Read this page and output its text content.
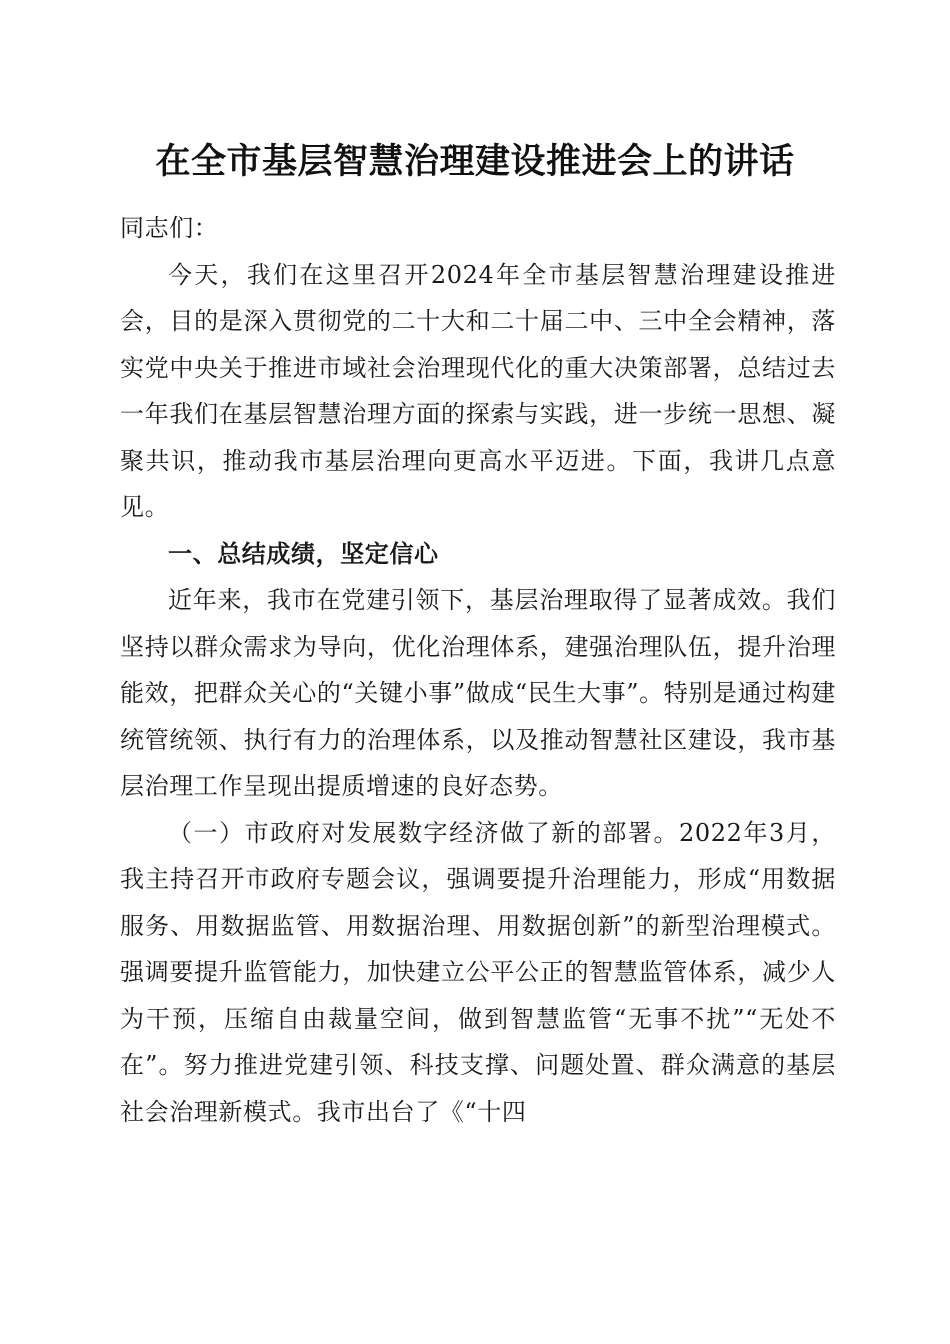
在全市基层智慧治理建设推进会上的讲话

同志们：

今天，我们在这里召开2024年全市基层智慧治理建设推进会，目的是深入贯彻党的二十大和二十届二中、三中全会精神，落实党中央关于推进市域社会治理现代化的重大决策部署，总结过去一年我们在基层智慧治理方面的探索与实践，进一步统一思想、凝聚共识，推动我市基层治理向更高水平迈进。下面，我讲几点意见。

一、总结成绩，坚定信心

近年来，我市在党建引领下，基层治理取得了显著成效。我们坚持以群众需求为导向，优化治理体系，建强治理队伍，提升治理能效，把群众关心的“关键小事”做成“民生大事”。特别是通过构建统管统领、执行有力的治理体系，以及推动智慧社区建设，我市基层治理工作呈现出提质增速的良好态势。

（一）市政府对发展数字经济做了新的部署。2022年3月，我主持召开市政府专题会议，强调要提升治理能力，形成“用数据服务、用数据监管、用数据治理、用数据创新”的新型治理模式。强调要提升监管能力，加快建立公平公正的智慧监管体系，减少人为干预，压缩自由裁量空间，做到智慧监管“无事不扰”“无处不在”。努力推进党建引领、科技支撑、问题处置、群众满意的基层社会治理新模式。我市出台了《“十四
